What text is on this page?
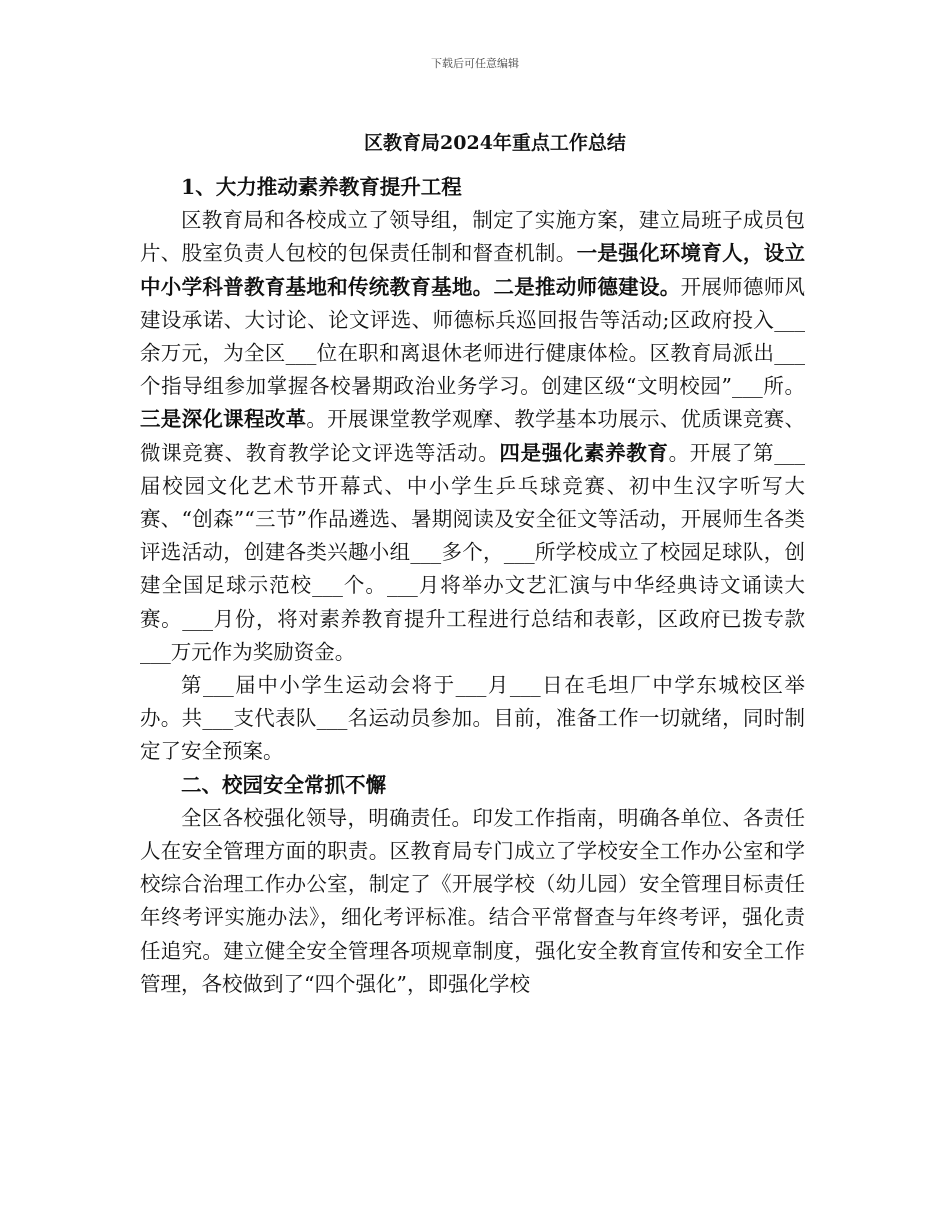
下载后可任意编辑
区教育局2024年重点工作总结
1、大力推动素养教育提升工程

区教育局和各校成立了领导组，制定了实施方案，建立局班子成员包片、股室负责人包校的包保责任制和督查机制。一是强化环境育人，设立中小学科普教育基地和传统教育基地。二是推动师德建设。开展师德师风建设承诺、大讨论、论文评选、师德标兵巡回报告等活动;区政府投入___余万元，为全区___位在职和离退休老师进行健康体检。区教育局派出___个指导组参加掌握各校暑期政治业务学习。创建区级“文明校园”___所。三是深化课程改革。开展课堂教学观摩、教学基本功展示、优质课竞赛、微课竞赛、教育教学论文评选等活动。四是强化素养教育。开展了第___届校园文化艺术节开幕式、中小学生乒乓球竞赛、初中生汉字听写大赛、“创森”“三节”作品遴选、暑期阅读及安全征文等活动，开展师生各类评选活动，创建各类兴趣小组___多个，___所学校成立了校园足球队，创建全国足球示范校___个。___月将举办文艺汇演与中华经典诗文诵读大赛。___月份，将对素养教育提升工程进行总结和表彰，区政府已拨专款___万元作为奖励资金。

第___届中小学生运动会将于___月___日在毛坦厂中学东城校区举办。共___支代表队___名运动员参加。目前，准备工作一切就绪，同时制定了安全预案。

二、校园安全常抓不懈

全区各校强化领导，明确责任。印发工作指南，明确各单位、各责任人在安全管理方面的职责。区教育局专门成立了学校安全工作办公室和学校综合治理工作办公室，制定了《开展学校（幼儿园）安全管理目标责任年终考评实施办法》，细化考评标准。结合平常督查与年终考评，强化责任追究。建立健全安全管理各项规章制度，强化安全教育宣传和安全工作管理，各校做到了“四个强化”，即强化学校
